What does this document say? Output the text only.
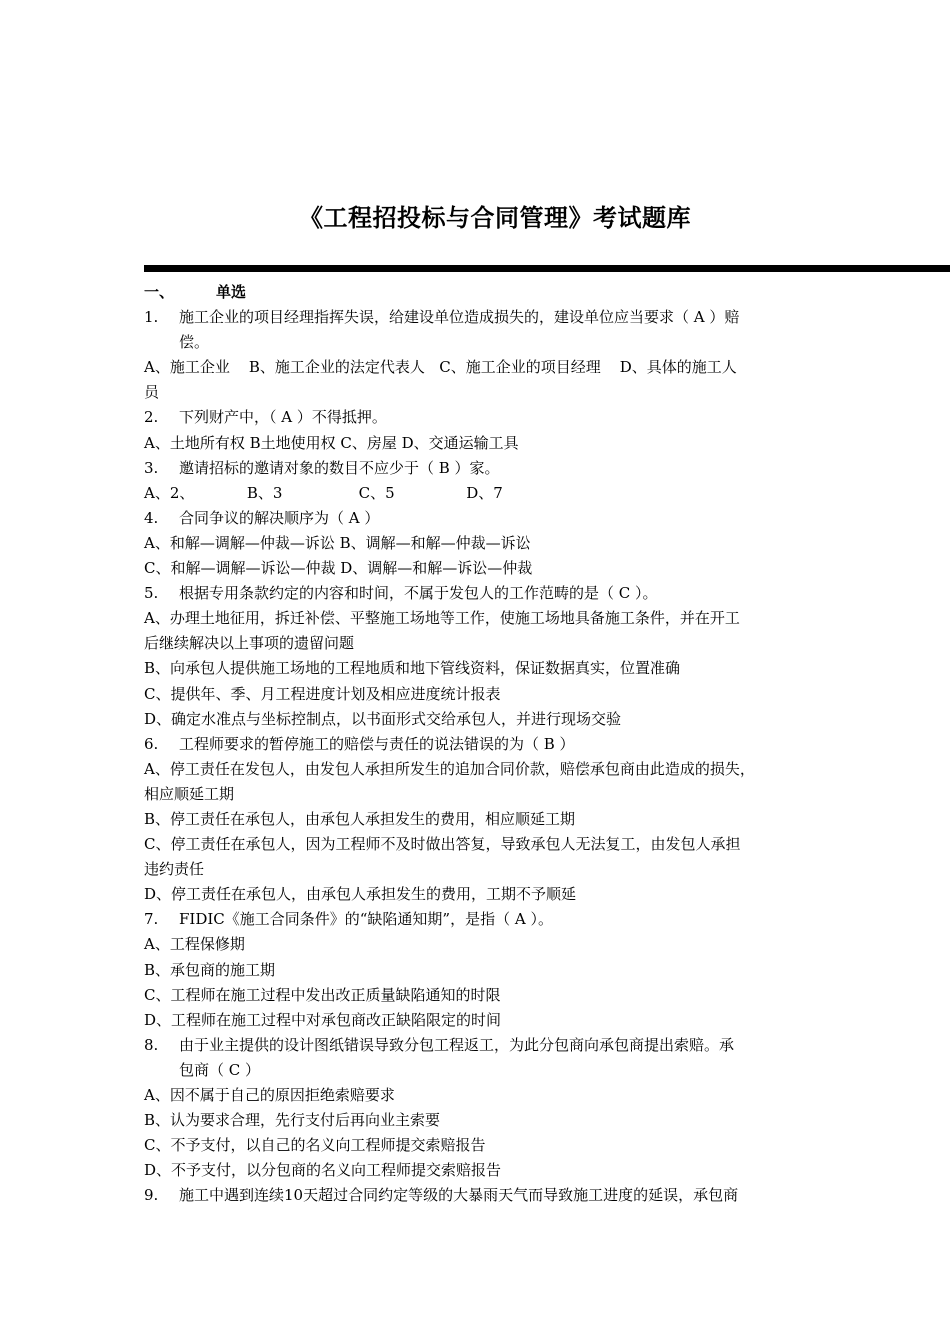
《工程招投标与合同管理》考试题库
一、	单选
1. 施工企业的项目经理指挥失误，给建设单位造成损失的，建设单位应当要求（ A ）赔
偿。
A、施工企业    B、施工企业的法定代表人   C、施工企业的项目经理    D、具体的施工人
员
2. 下列财产中，（ A ）不得抵押。
A、土地所有权 B土地使用权 C、房屋 D、交通运输工具
3. 邀请招标的邀请对象的数目不应少于（ B ）家。
A、2、           B、3                C、5               D、7
4. 合同争议的解决顺序为（ A ）
A、和解—调解—仲裁—诉讼 B、调解—和解—仲裁—诉讼
C、和解—调解—诉讼—仲裁 D、调解—和解—诉讼—仲裁
5. 根据专用条款约定的内容和时间，不属于发包人的工作范畴的是（ C ）。
A、办理土地征用，拆迁补偿、平整施工场地等工作，使施工场地具备施工条件，并在开工
后继续解决以上事项的遗留问题
B、向承包人提供施工场地的工程地质和地下管线资料，保证数据真实，位置准确
C、提供年、季、月工程进度计划及相应进度统计报表
D、确定水准点与坐标控制点，以书面形式交给承包人，并进行现场交验
6. 工程师要求的暂停施工的赔偿与责任的说法错误的为（ B ）
A、停工责任在发包人，由发包人承担所发生的追加合同价款，赔偿承包商由此造成的损失，
相应顺延工期
B、停工责任在承包人，由承包人承担发生的费用，相应顺延工期
C、停工责任在承包人，因为工程师不及时做出答复，导致承包人无法复工，由发包人承担
违约责任
D、停工责任在承包人，由承包人承担发生的费用，工期不予顺延
7. FIDIC《施工合同条件》的“缺陷通知期”，是指（ A ）。
A、工程保修期
B、承包商的施工期
C、工程师在施工过程中发出改正质量缺陷通知的时限
D、工程师在施工过程中对承包商改正缺陷限定的时间
8. 由于业主提供的设计图纸错误导致分包工程返工，为此分包商向承包商提出索赔。承
包商（ C ）
A、因不属于自己的原因拒绝索赔要求
B、认为要求合理，先行支付后再向业主索要
C、不予支付，以自己的名义向工程师提交索赔报告
D、不予支付，以分包商的名义向工程师提交索赔报告
9. 施工中遇到连续10天超过合同约定等级的大暴雨天气而导致施工进度的延误，承包商
